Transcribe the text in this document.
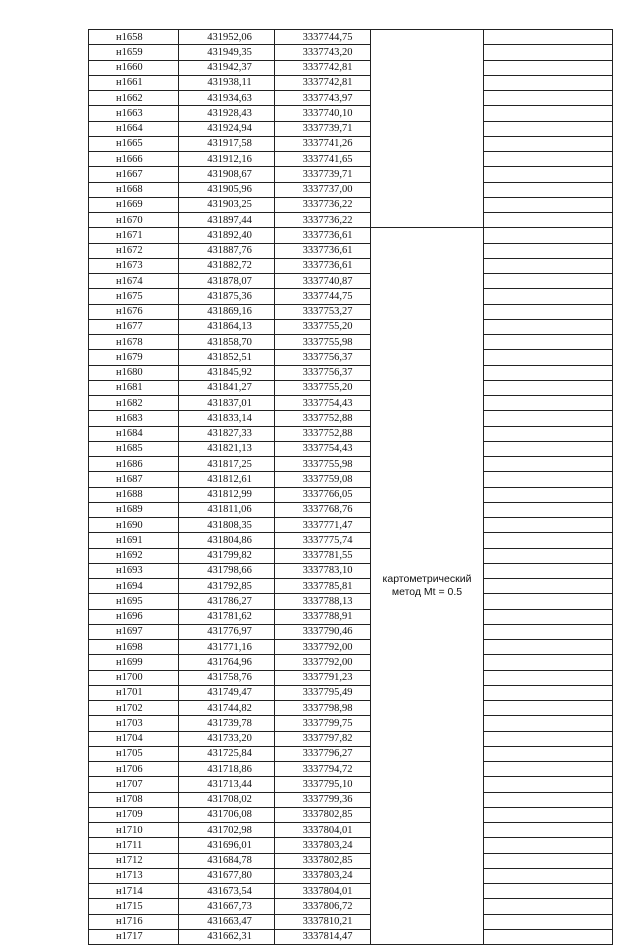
н1658	431952,06	3337744,75		
н1659	431949,35	3337743,20		
н1660	431942,37	3337742,81		
н1661	431938,11	3337742,81		
н1662	431934,63	3337743,97		
н1663	431928,43	3337740,10		
н1664	431924,94	3337739,71		
н1665	431917,58	3337741,26		
н1666	431912,16	3337741,65		
н1667	431908,67	3337739,71		
н1668	431905,96	3337737,00		
н1669	431903,25	3337736,22		
н1670	431897,44	3337736,22		
н1671	431892,40	3337736,61	картометрический метод Mt = 0.5	
н1672	431887,76	3337736,61		
н1673	431882,72	3337736,61		
н1674	431878,07	3337740,87		
н1675	431875,36	3337744,75		
н1676	431869,16	3337753,27		
н1677	431864,13	3337755,20		
н1678	431858,70	3337755,98		
н1679	431852,51	3337756,37		
н1680	431845,92	3337756,37		
н1681	431841,27	3337755,20		
н1682	431837,01	3337754,43		
н1683	431833,14	3337752,88		
н1684	431827,33	3337752,88		
н1685	431821,13	3337754,43		
н1686	431817,25	3337755,98		
н1687	431812,61	3337759,08		
н1688	431812,99	3337766,05		
н1689	431811,06	3337768,76		
н1690	431808,35	3337771,47		
н1691	431804,86	3337775,74		
н1692	431799,82	3337781,55		
н1693	431798,66	3337783,10		
н1694	431792,85	3337785,81		
н1695	431786,27	3337788,13		
н1696	431781,62	3337788,91		
н1697	431776,97	3337790,46		
н1698	431771,16	3337792,00		
н1699	431764,96	3337792,00		
н1700	431758,76	3337791,23		
н1701	431749,47	3337795,49		
н1702	431744,82	3337798,98		
н1703	431739,78	3337799,75		
н1704	431733,20	3337797,82		
н1705	431725,84	3337796,27		
н1706	431718,86	3337794,72		
н1707	431713,44	3337795,10		
н1708	431708,02	3337799,36		
н1709	431706,08	3337802,85		
н1710	431702,98	3337804,01		
н1711	431696,01	3337803,24		
н1712	431684,78	3337802,85		
н1713	431677,80	3337803,24		
н1714	431673,54	3337804,01		
н1715	431667,73	3337806,72		
н1716	431663,47	3337810,21		
н1717	431662,31	3337814,47		
